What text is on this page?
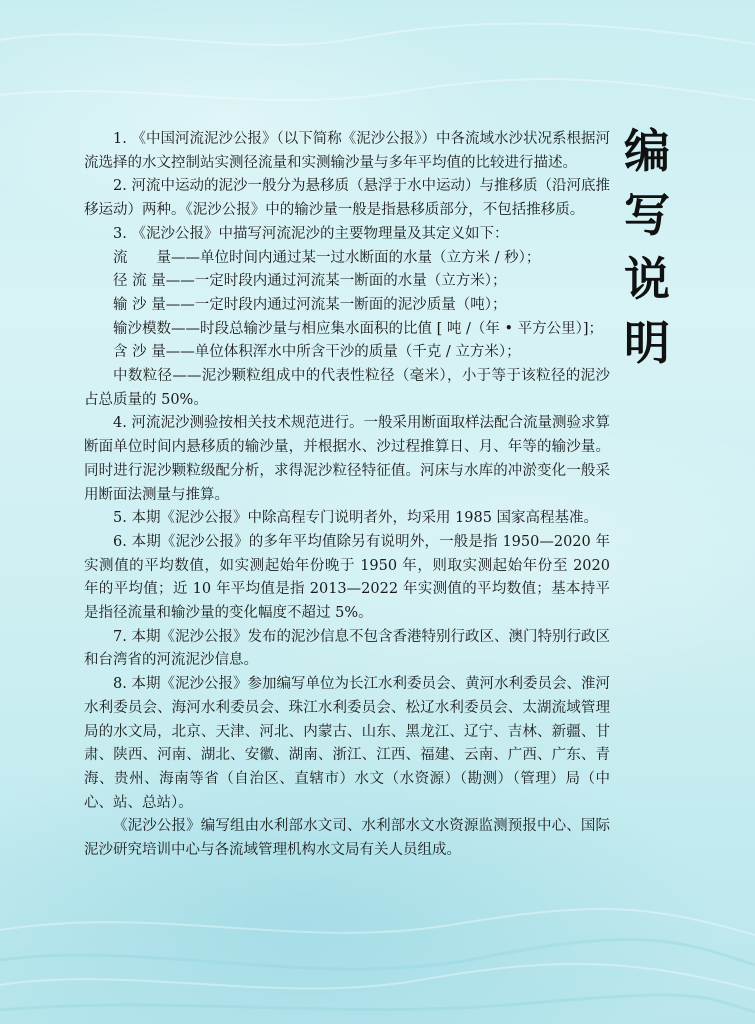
1. 《中国河流泥沙公报》（以下简称《泥沙公报》）中各流域水沙状况系根据河流选择的水文控制站实测径流量和实测输沙量与多年平均值的比较进行描述。

2. 河流中运动的泥沙一般分为悬移质（悬浮于水中运动）与推移质（沿河底推移运动）两种。《泥沙公报》中的输沙量一般是指悬移质部分，不包括推移质。

3. 《泥沙公报》中描写河流泥沙的主要物理量及其定义如下：

流　　量——单位时间内通过某一过水断面的水量（立方米 / 秒）；

径 流 量——一定时段内通过河流某一断面的水量（立方米）；

输 沙 量——一定时段内通过河流某一断面的泥沙质量（吨）；

输沙模数——时段总输沙量与相应集水面积的比值 [ 吨 /（年 • 平方公里）]；

含 沙 量——单位体积浑水中所含干沙的质量（千克 / 立方米）；

中数粒径——泥沙颗粒组成中的代表性粒径（毫米），小于等于该粒径的泥沙占总质量的 50%。

4. 河流泥沙测验按相关技术规范进行。一般采用断面取样法配合流量测验求算断面单位时间内悬移质的输沙量，并根据水、沙过程推算日、月、年等的输沙量。同时进行泥沙颗粒级配分析，求得泥沙粒径特征值。河床与水库的冲淤变化一般采用断面法测量与推算。

5. 本期《泥沙公报》中除高程专门说明者外，均采用 1985 国家高程基准。

6. 本期《泥沙公报》的多年平均值除另有说明外，一般是指 1950—2020 年实测值的平均数值，如实测起始年份晚于 1950 年，则取实测起始年份至 2020 年的平均值；近 10 年平均值是指 2013—2022 年实测值的平均数值；基本持平是指径流量和输沙量的变化幅度不超过 5%。

7. 本期《泥沙公报》发布的泥沙信息不包含香港特别行政区、澳门特别行政区和台湾省的河流泥沙信息。

8. 本期《泥沙公报》参加编写单位为长江水利委员会、黄河水利委员会、淮河水利委员会、海河水利委员会、珠江水利委员会、松辽水利委员会、太湖流域管理局的水文局，北京、天津、河北、内蒙古、山东、黑龙江、辽宁、吉林、新疆、甘肃、陕西、河南、湖北、安徽、湖南、浙江、江西、福建、云南、广西、广东、青海、贵州、海南等省（自治区、直辖市）水文（水资源）（勘测）（管理）局（中心、站、总站）。

《泥沙公报》编写组由水利部水文司、水利部水文水资源监测预报中心、国际泥沙研究培训中心与各流域管理机构水文局有关人员组成。

编
写
说
明
